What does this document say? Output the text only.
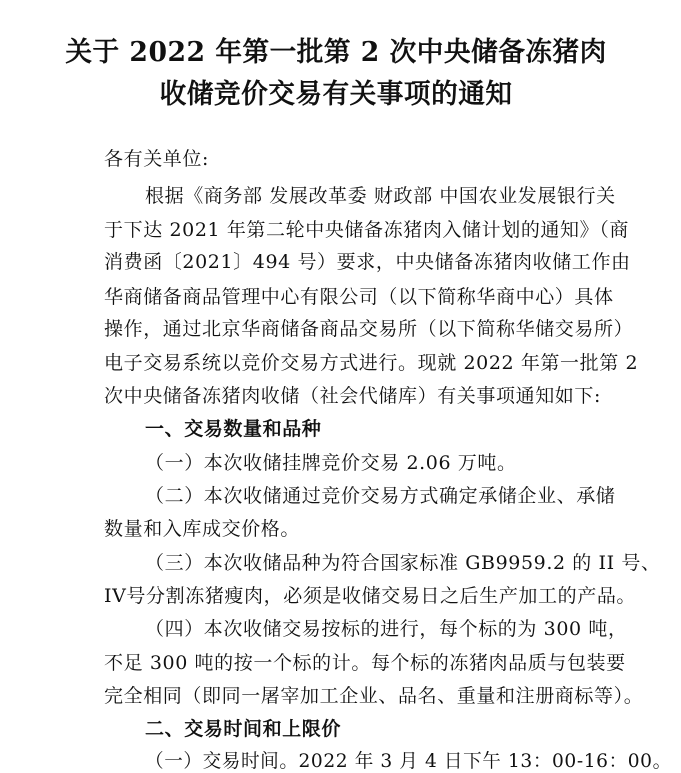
关于 2022 年第一批第 2 次中央储备冻猪肉
收储竞价交易有关事项的通知
各有关单位:
根据《商务部 发展改革委 财政部 中国农业发展银行关
于下达 2021 年第二轮中央储备冻猪肉入储计划的通知》（商
消费函〔2021〕494 号）要求，中央储备冻猪肉收储工作由
华商储备商品管理中心有限公司（以下简称华商中心）具体
操作，通过北京华商储备商品交易所（以下简称华储交易所）
电子交易系统以竞价交易方式进行。现就 2022 年第一批第 2
次中央储备冻猪肉收储（社会代储库）有关事项通知如下:
一、交易数量和品种
（一）本次收储挂牌竞价交易 2.06 万吨。
（二）本次收储通过竞价交易方式确定承储企业、承储
数量和入库成交价格。
（三）本次收储品种为符合国家标准 GB9959.2 的 II 号、
IV号分割冻猪瘦肉，必须是收储交易日之后生产加工的产品。
（四）本次收储交易按标的进行，每个标的为 300 吨，
不足 300 吨的按一个标的计。每个标的冻猪肉品质与包装要
完全相同（即同一屠宰加工企业、品名、重量和注册商标等）。
二、交易时间和上限价
（一）交易时间。2022 年 3 月 4 日下午 13：00-16：00。
